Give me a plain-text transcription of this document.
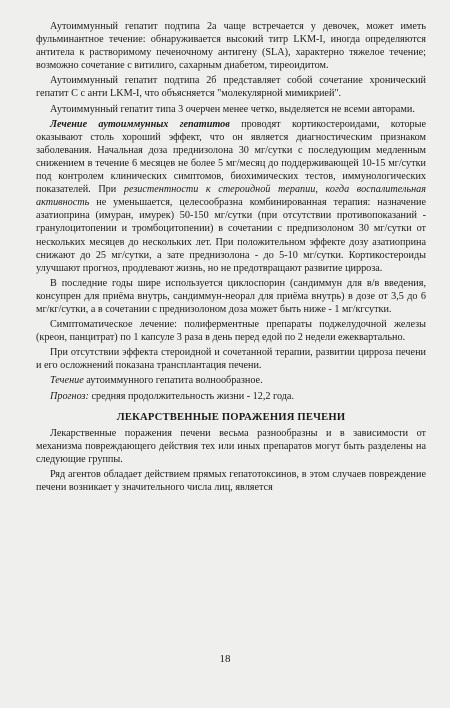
Аутоиммунный гепатит подтипа 2а чаще встречается у девочек, может иметь фульминантное течение: обнаруживается высокий титр LKM-I, иногда определяются антитела к растворимому печеночному антигену (SLA), характерно тяжелое течение; возможно сочетание с витилиго, сахарным диабетом, тиреоидитом.

Аутоиммунный гепатит подтипа 2б представляет собой сочетание хронический гепатит С с анти LKM-I, что объясняется "молекулярной мимикрией".

Аутоиммунный гепатит типа 3 очерчен менее четко, выделяется не всеми авторами.

Лечение аутоиммунных гепатитов проводят кортикостероидами, которые оказывают столь хороший эффект, что он является диагностическим признаком заболевания. Начальная доза преднизолона 30 мг/сутки с последующим медленным снижением в течение 6 месяцев не более 5 мг/месяц до поддерживающей 10-15 мг/сутки под контролем клинических симптомов, биохимических тестов, иммунологических показателей. При резистентности к стероидной терапии, когда воспалительная активность не уменьшается, целесообразна комбинированная терапия: назначение азатиоприна (имуран, имурек) 50-150 мг/сутки (при отсутствии противопоказаний - гранулоцитопении и тромбоцитопении) в сочетании с предпизолоном 30 мг/сутки от нескольких месяцев до нескольких лет. При положительном эффекте дозу азатиоприна снижают до 25 мг/сутки, а зате преднизолона - до 5-10 мг/сутки. Кортикостероиды улучшают прогноз, продлевают жизнь, но не предотвращают развитие цирроза.

В последние годы шире используется циклоспорин (сандиммун для в/в введения, консупрен для приёма внутрь, сандиммун-неорал для приёма внутрь) в дозе от 3,5 до 6 мг/кг/сутки, а в сочетании с преднизолоном доза может быть ниже - 1 мг/кгсутки.

Симптоматическое лечение: полиферментные препараты поджелудочной железы (креон, панцитрат) по 1 капсуле 3 раза в день перед едой по 2 недели ежеквартально.

При отсутствии эффекта стероидной и сочетанной терапии, развитии цирроза печени и его осложнений показана трансплантация печени.

Течение аутоиммунного гепатита волнообразное.

Прогноз: средняя продолжительность жизни - 12,2 года.

ЛЕКАРСТВЕННЫЕ ПОРАЖЕНИЯ ПЕЧЕНИ

Лекарственные поражения печени весьма разнообразны и в зависимости от механизма повреждающего действия тех или иных препаратов могут быть разделены на следующие группы.

Ряд агентов обладает действием прямых гепатотоксинов, в этом случаев повреждение печени возникает у значительного числа лиц, является

18
